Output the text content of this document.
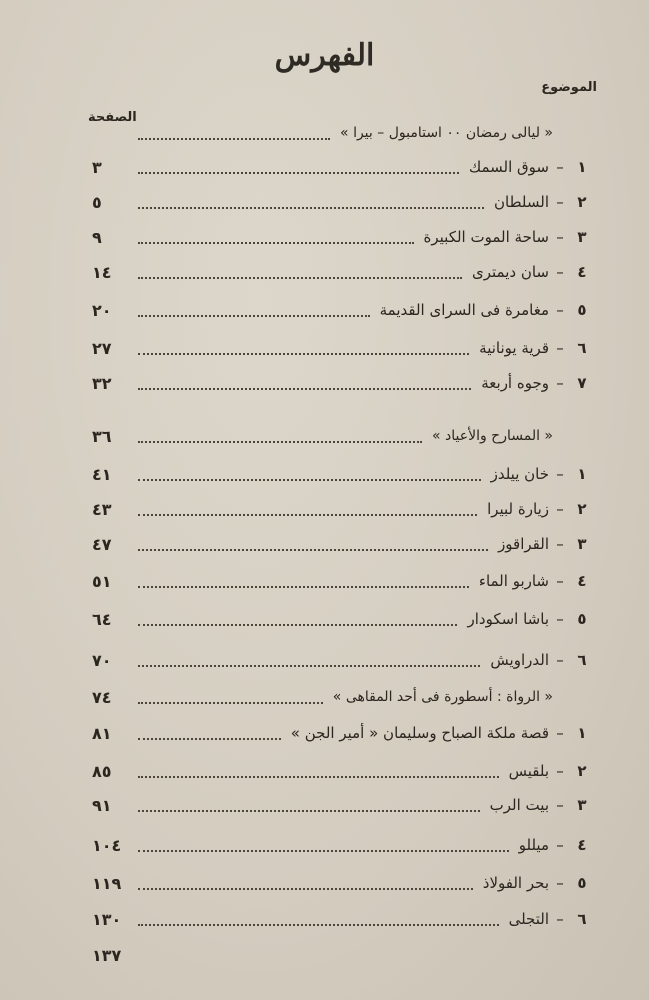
الفهرس
الموضوع
الصفحة
« ليالى رمضان ٠٠ استامبول – بيرا »
١
–
سوق السمك
٣
٢
–
السلطان
٥
٣
–
ساحة الموت الكبيرة
٩
٤
–
سان ديمترى
١٤
٥
–
مغامرة فى السراى القديمة
٢٠
٦
–
قرية يونانية
٢٧
٧
–
وجوه أربعة
٣٢
« المسارح والأعياد »
٣٦
١
–
خان ييلدز
٤١
٢
–
زيارة لبيرا
٤٣
٣
–
القراقوز
٤٧
٤
–
شاربو الماء
٥١
٥
–
باشا اسكودار
٦٤
٦
–
الدراويش
٧٠
« الرواة : أسطورة فى أحد المقاهى »
٧٤
١
–
قصة ملكة الصباح وسليمان « أمير الجن »
٨١
٢
–
بلقيس
٨٥
٣
–
بيت الرب
٩١
٤
–
ميللو
١٠٤
٥
–
بحر الفولاذ
١١٩
٦
–
التجلى
١٣٠
١٣٧
